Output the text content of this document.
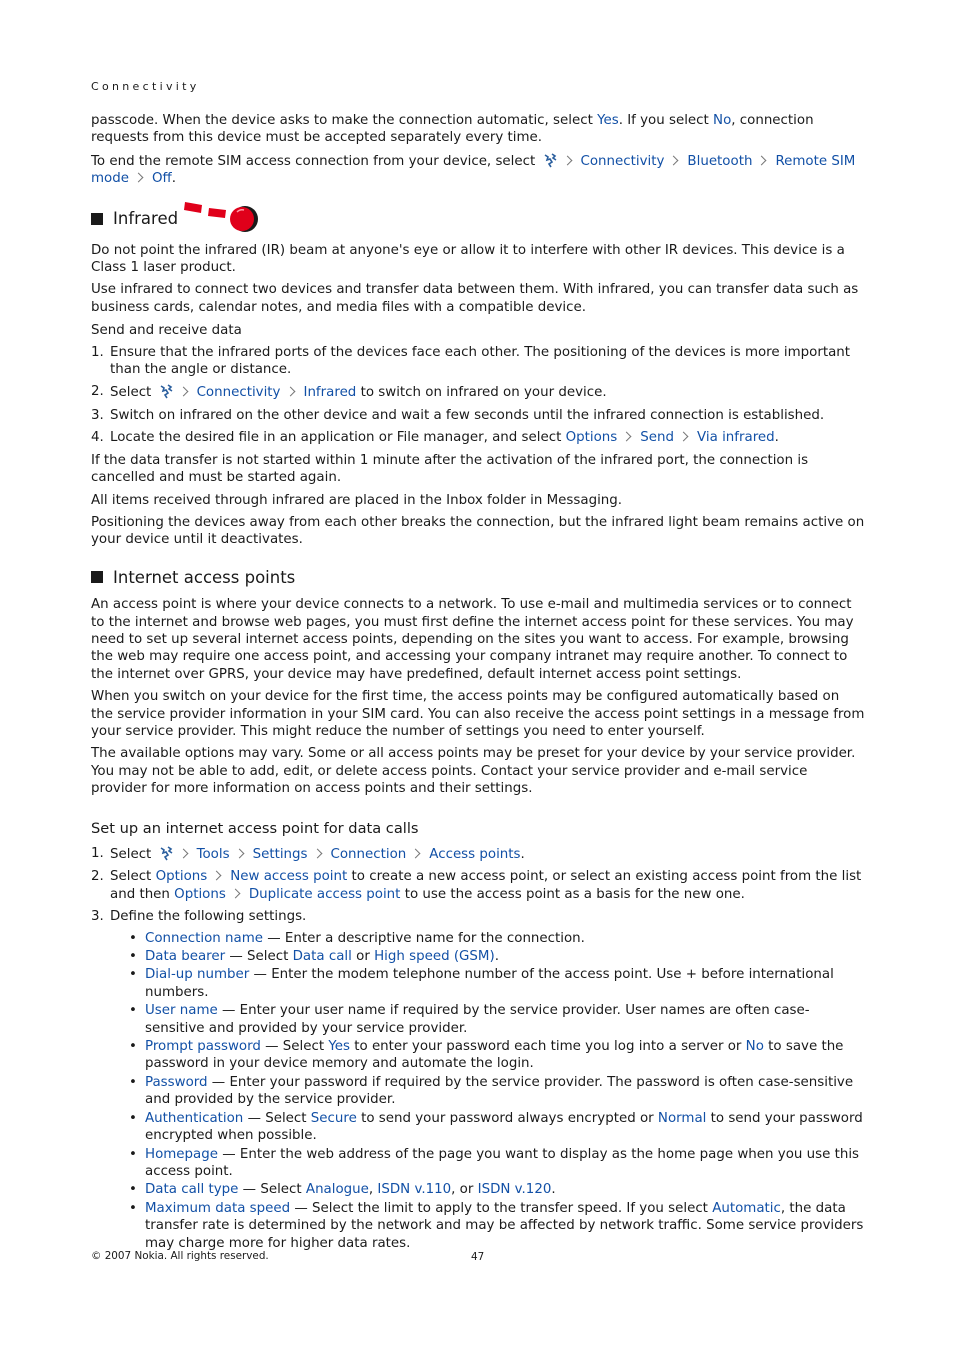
Connectivity

passcode. When the device asks to make the connection automatic, select Yes. If you select No, connection requests from this device must be accepted separately every time.

To end the remote SIM access connection from your device, select	Connectivity Bluetooth Remote SIM mode Off.

Infrared

Do not point the infrared (IR) beam at anyone's eye or allow it to interfere with other IR devices. This device is a Class 1 laser product.

Use infrared to connect two devices and transfer data between them. With infrared, you can transfer data such as business cards, calendar notes, and media files with a compatible device.

Send and receive data
1. Ensure that the infrared ports of the devices face each other. The positioning of the devices is more important than the angle or distance.
2. Select	Connectivity Infrared to switch on infrared on your device.
3. Switch on infrared on the other device and wait a few seconds until the infrared connection is established.
4. Locate the desired file in an application or File manager, and select Options Send Via infrared.

If the data transfer is not started within 1 minute after the activation of the infrared port, the connection is cancelled and must be started again.

All items received through infrared are placed in the Inbox folder in Messaging.

Positioning the devices away from each other breaks the connection, but the infrared light beam remains active on your device until it deactivates.

Internet access points

An access point is where your device connects to a network. To use e-mail and multimedia services or to connect to the internet and browse web pages, you must first define the internet access point for these services. You may need to set up several internet access points, depending on the sites you want to access. For example, browsing the web may require one access point, and accessing your company intranet may require another. To connect to the internet over GPRS, your device may have predefined, default internet access point settings.

When you switch on your device for the first time, the access points may be configured automatically based on the service provider information in your SIM card. You can also receive the access point settings in a message from your service provider. This might reduce the number of settings you need to enter yourself.

The available options may vary. Some or all access points may be preset for your device by your service provider. You may not be able to add, edit, or delete access points. Contact your service provider and e-mail service provider for more information on access points and their settings.

Set up an internet access point for data calls
1. Select	Tools Settings Connection Access points.
2. Select Options New access point to create a new access point, or select an existing access point from the list and then Options Duplicate access point to use the access point as a basis for the new one.
3. Define the following settings.
• Connection name — Enter a descriptive name for the connection.
• Data bearer — Select Data call or High speed (GSM).
• Dial-up number — Enter the modem telephone number of the access point. Use + before international numbers.
• User name — Enter your user name if required by the service provider. User names are often case-sensitive and provided by your service provider.
• Prompt password — Select Yes to enter your password each time you log into a server or No to save the password in your device memory and automate the login.
• Password — Enter your password if required by the service provider. The password is often case-sensitive and provided by the service provider.
• Authentication — Select Secure to send your password always encrypted or Normal to send your password encrypted when possible.
• Homepage — Enter the web address of the page you want to display as the home page when you use this access point.
• Data call type — Select Analogue, ISDN v.110, or ISDN v.120.
• Maximum data speed — Select the limit to apply to the transfer speed. If you select Automatic, the data transfer rate is determined by the network and may be affected by network traffic. Some service providers may charge more for higher data rates.
© 2007 Nokia. All rights reserved.	47
